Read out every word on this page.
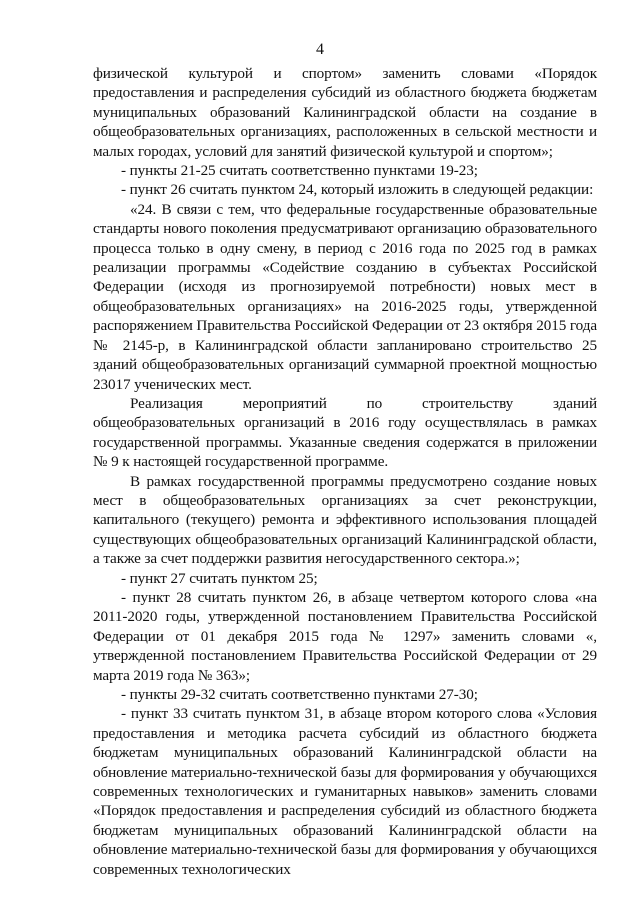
4

физической культурой и спортом» заменить словами «Порядок предоставления и распределения субсидий из областного бюджета бюджетам муниципальных образований Калининградской области на создание в общеобразовательных организациях, расположенных в сельской местности и малых городах, условий для занятий физической культурой и спортом»;

- пункты 21-25 считать соответственно пунктами 19-23;

- пункт 26 считать пунктом 24, который изложить в следующей редакции:

«24. В связи с тем, что федеральные государственные образовательные стандарты нового поколения предусматривают организацию образовательного процесса только в одну смену, в период с 2016 года по 2025 год в рамках реализации программы «Содействие созданию в субъектах Российской Федерации (исходя из прогнозируемой потребности) новых мест в общеобразовательных организациях» на 2016-2025 годы, утвержденной распоряжением Правительства Российской Федерации от 23 октября 2015 года № 2145-р, в Калининградской области запланировано строительство 25 зданий общеобразовательных организаций суммарной проектной мощностью 23017 ученических мест.

Реализация мероприятий по строительству зданий общеобразовательных организаций в 2016 году осуществлялась в рамках государственной программы. Указанные сведения содержатся в приложении № 9 к настоящей государственной программе.

В рамках государственной программы предусмотрено создание новых мест в общеобразовательных организациях за счет реконструкции, капитального (текущего) ремонта и эффективного использования площадей существующих общеобразовательных организаций Калининградской области, а также за счет поддержки развития негосударственного сектора.»;

- пункт 27 считать пунктом 25;

- пункт 28 считать пунктом 26, в абзаце четвертом которого слова «на 2011-2020 годы, утвержденной постановлением Правительства Российской Федерации от 01 декабря 2015 года № 1297» заменить словами «, утвержденной постановлением Правительства Российской Федерации от 29 марта 2019 года № 363»;

- пункты 29-32 считать соответственно пунктами 27-30;

- пункт 33 считать пунктом 31, в абзаце втором которого слова «Условия предоставления и методика расчета субсидий из областного бюджета бюджетам муниципальных образований Калининградской области на обновление материально-технической базы для формирования у обучающихся современных технологических и гуманитарных навыков» заменить словами «Порядок предоставления и распределения субсидий из областного бюджета бюджетам муниципальных образований Калининградской области на обновление материально-технической базы для формирования у обучающихся современных технологических
